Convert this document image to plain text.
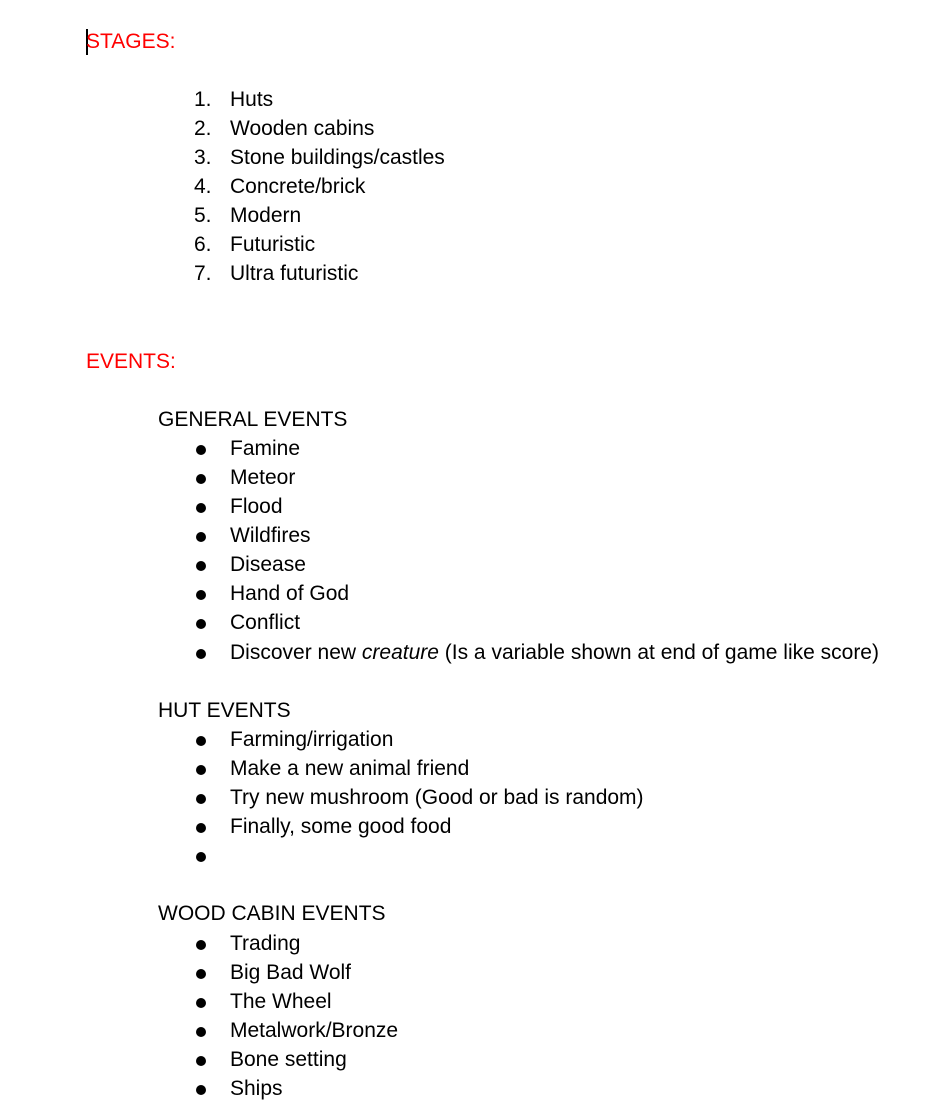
STAGES:
1. Huts
2. Wooden cabins
3. Stone buildings/castles
4. Concrete/brick
5. Modern
6. Futuristic
7. Ultra futuristic
EVENTS:
GENERAL EVENTS
Famine
Meteor
Flood
Wildfires
Disease
Hand of God
Conflict
Discover new creature (Is a variable shown at end of game like score)
HUT EVENTS
Farming/irrigation
Make a new animal friend
Try new mushroom (Good or bad is random)
Finally, some good food
WOOD CABIN EVENTS
Trading
Big Bad Wolf
The Wheel
Metalwork/Bronze
Bone setting
Ships
